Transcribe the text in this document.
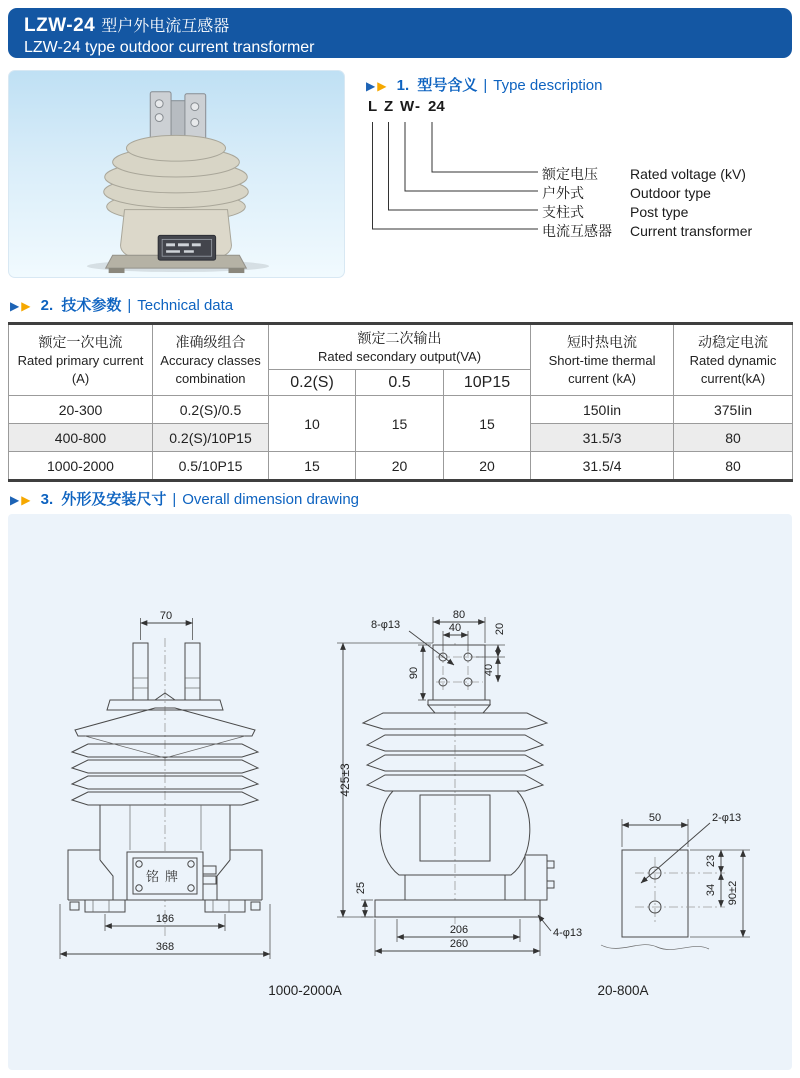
LZW-24 型户外电流互感器
LZW-24 type outdoor current transformer
▶ ▶ 1. 型号含义 | Type description
L Z W - 24
额定电压 Rated voltage (kV)
户外式	Outdoor type
支柱式	Post type
电流互感器 Current transformer
▶ ▶ 2. 技术参数 | Technical data
额定一次电流
Rated primary current
(A)	准确级组合
Accuracy classes
combination	额定二次输出
Rated secondary output(VA)			短时热电流
Short-time thermal
current (kA)	动稳定电流
Rated dynamic
current(kA)
		0.2(S)	0.5	10P15		
20-300	0.2(S)/0.5	10	15	15	150Iin	375Iin
400-800	0.2(S)/10P15				31.5/3	80
1000-2000	0.5/10P15	15	20	20	31.5/4	80
▶ ▶ 3. 外形及安装尺寸 | Overall dimension drawing
铭牌
70
186
368
425±3
80
40	20
40
90
8-φ13
25
206
260
4-φ13
50	2-φ13
23
34 90±2
1000-2000A	20-800A
